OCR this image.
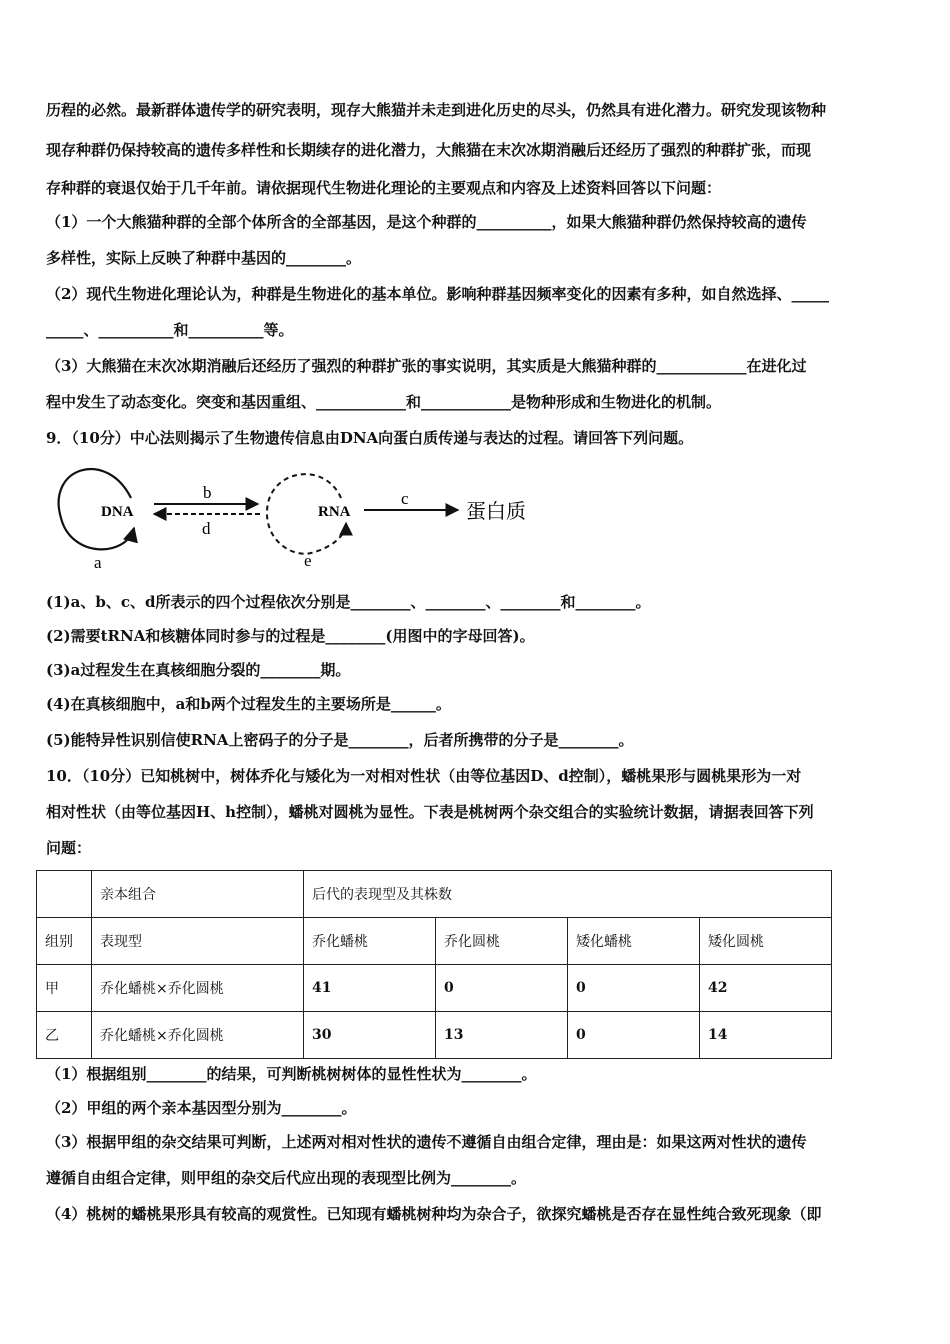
历程的必然。最新群体遗传学的研究表明，现存大熊猫并未走到进化历史的尽头，仍然具有进化潜力。研究发现该物种
现存种群仍保持较高的遗传多样性和长期续存的进化潜力，大熊猫在末次冰期消融后还经历了强烈的种群扩张，而现
存种群的衰退仅始于几千年前。请依据现代生物进化理论的主要观点和内容及上述资料回答以下问题：
（1）一个大熊猫种群的全部个体所含的全部基因，是这个种群的__________，如果大熊猫种群仍然保持较高的遗传
多样性，实际上反映了种群中基因的________。
（2）现代生物进化理论认为，种群是生物进化的基本单位。影响种群基因频率变化的因素有多种，如自然选择、_____
_____、__________和__________等。
（3）大熊猫在末次冰期消融后还经历了强烈的种群扩张的事实说明，其实质是大熊猫种群的____________在进化过
程中发生了动态变化。突变和基因重组、____________和____________是物种形成和生物进化的机制。
9．（10分）中心法则揭示了生物遗传信息由DNA向蛋白质传递与表达的过程。请回答下列问题。
DNA
a
b
d
RNA
e
c
蛋白质
(1)a、b、c、d所表示的四个过程依次分别是________、________、________和________。
(2)需要tRNA和核糖体同时参与的过程是________(用图中的字母回答)。
(3)a过程发生在真核细胞分裂的________期。
(4)在真核细胞中，a和b两个过程发生的主要场所是______。
(5)能特异性识别信使RNA上密码子的分子是________，后者所携带的分子是________。
10．（10分）已知桃树中，树体乔化与矮化为一对相对性状（由等位基因D、d控制），蟠桃果形与圆桃果形为一对
相对性状（由等位基因H、h控制），蟠桃对圆桃为显性。下表是桃树两个杂交组合的实验统计数据，请据表回答下列
问题：
	亲本组合	后代的表现型及其株数			
组别	表现型	乔化蟠桃	乔化圆桃	矮化蟠桃	矮化圆桃
甲	乔化蟠桃×乔化圆桃	41	0	0	42
乙	乔化蟠桃×乔化圆桃	30	13	0	14
（1）根据组别________的结果，可判断桃树树体的显性性状为________。
（2）甲组的两个亲本基因型分别为________。
（3）根据甲组的杂交结果可判断，上述两对相对性状的遗传不遵循自由组合定律，理由是：如果这两对性状的遗传
遵循自由组合定律，则甲组的杂交后代应出现的表现型比例为________。
（4）桃树的蟠桃果形具有较高的观赏性。已知现有蟠桃树种均为杂合子，欲探究蟠桃是否存在显性纯合致死现象（即
